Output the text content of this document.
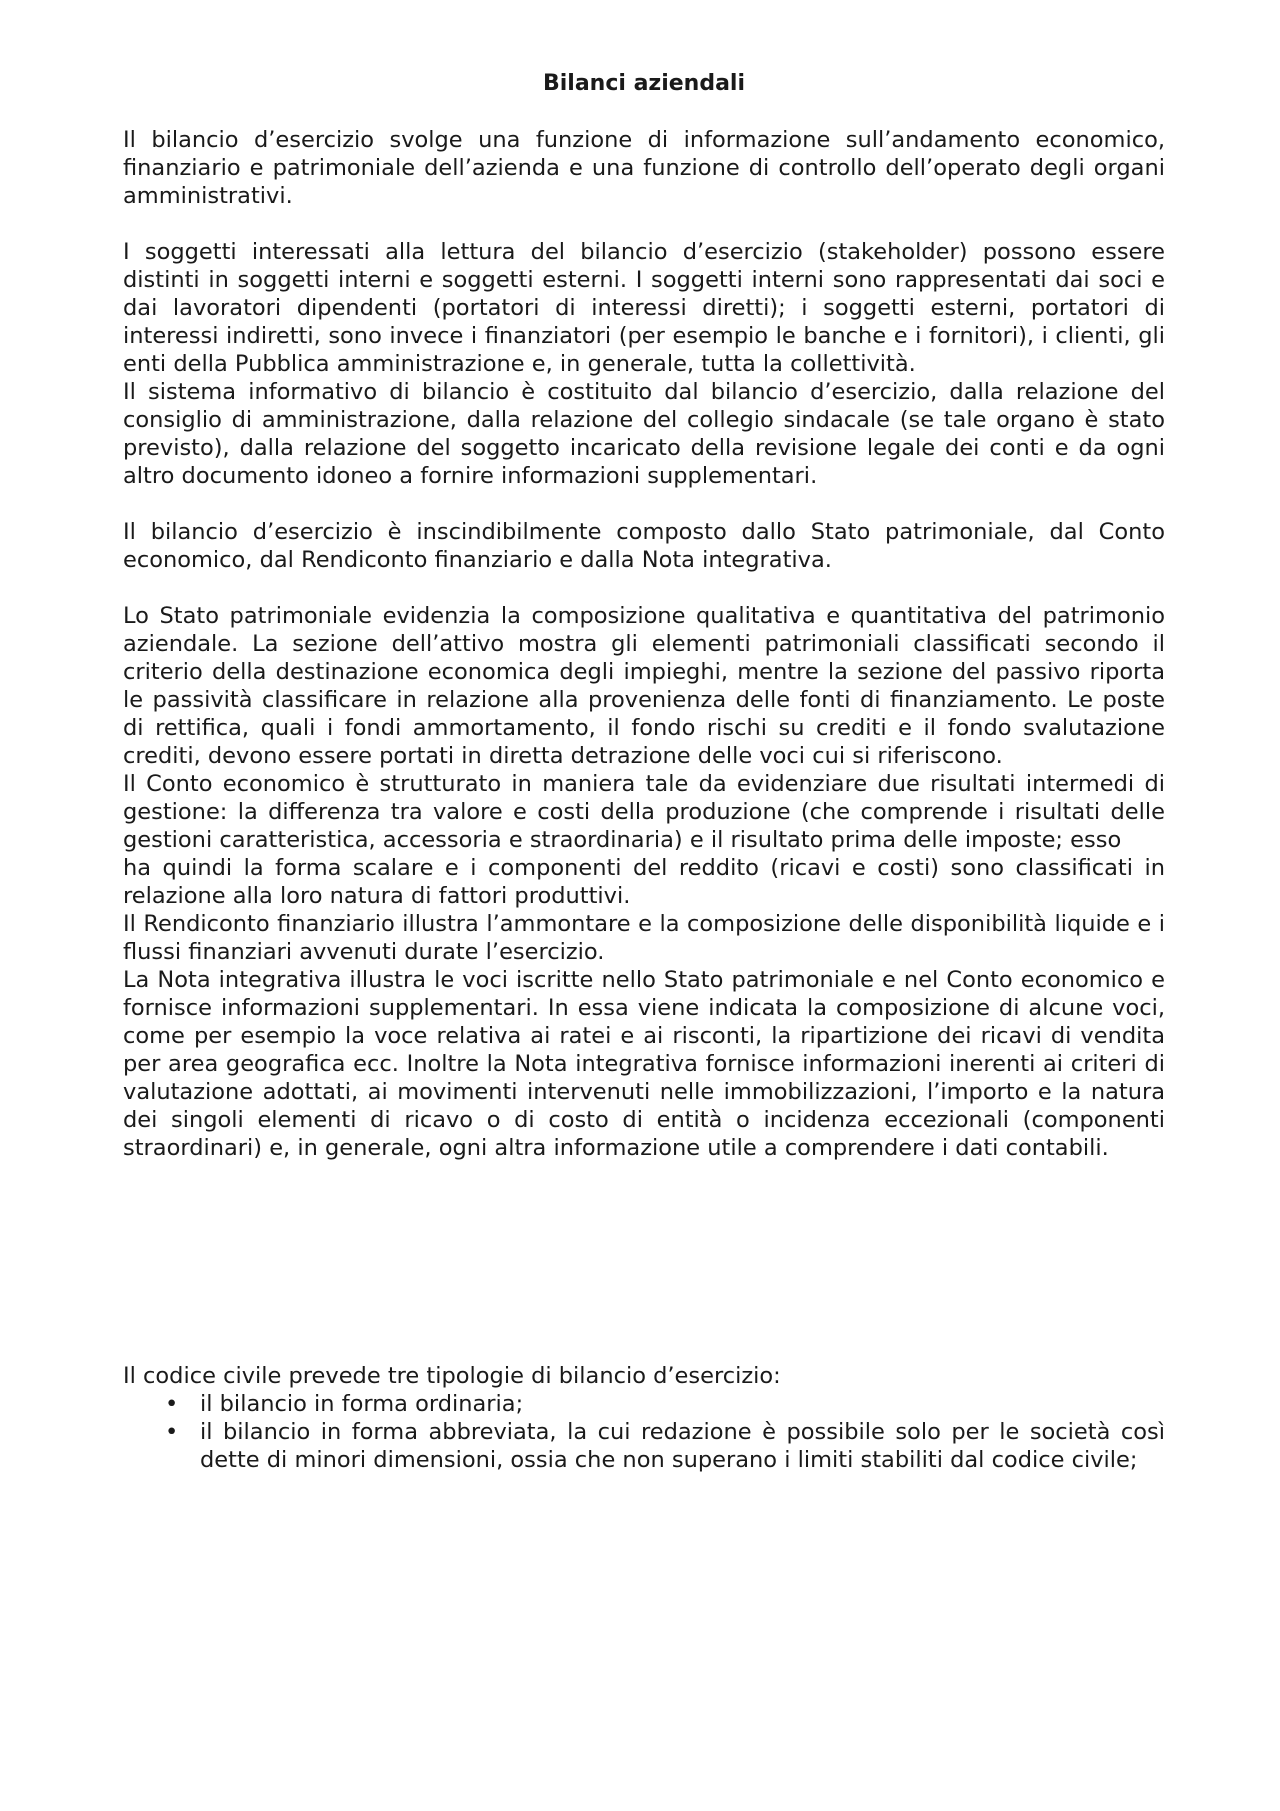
Bilanci aziendali

Il bilancio d’esercizio svolge una funzione di informazione sull’andamento economico, finanziario e patrimoniale dell’azienda e una funzione di controllo dell’operato degli organi amministrativi.

I soggetti interessati alla lettura del bilancio d’esercizio (stakeholder) possono essere distinti in soggetti interni e soggetti esterni. I soggetti interni sono rappresentati dai soci e dai lavoratori dipendenti (portatori di interessi diretti); i soggetti esterni, portatori di interessi indiretti, sono invece i finanziatori (per esempio le banche e i fornitori), i clienti, gli enti della Pubblica amministrazione e, in generale, tutta la collettività.

Il sistema informativo di bilancio è costituito dal bilancio d’esercizio, dalla relazione del consiglio di amministrazione, dalla relazione del collegio sindacale (se tale organo è stato previsto), dalla relazione del soggetto incaricato della revisione legale dei conti e da ogni altro documento idoneo a fornire informazioni supplementari.

Il bilancio d’esercizio è inscindibilmente composto dallo Stato patrimoniale, dal Conto economico, dal Rendiconto finanziario e dalla Nota integrativa.

Lo Stato patrimoniale evidenzia la composizione qualitativa e quantitativa del patrimonio aziendale. La sezione dell’attivo mostra gli elementi patrimoniali classificati secondo il criterio della destinazione economica degli impieghi, mentre la sezione del passivo riporta le passività classificare in relazione alla provenienza delle fonti di finanziamento. Le poste di rettifica, quali i fondi ammortamento, il fondo rischi su crediti e il fondo svalutazione crediti, devono essere portati in diretta detrazione delle voci cui si riferiscono.

Il Conto economico è strutturato in maniera tale da evidenziare due risultati intermedi di gestione: la differenza tra valore e costi della produzione (che comprende i risultati delle gestioni caratteristica, accessoria e straordinaria) e il risultato prima delle imposte; esso

ha quindi la forma scalare e i componenti del reddito (ricavi e costi) sono classificati in relazione alla loro natura di fattori produttivi.

Il Rendiconto finanziario illustra l’ammontare e la composizione delle disponibilità liquide e i flussi finanziari avvenuti durate l’esercizio.

La Nota integrativa illustra le voci iscritte nello Stato patrimoniale e nel Conto economico e fornisce informazioni supplementari. In essa viene indicata la composizione di alcune voci, come per esempio la voce relativa ai ratei e ai risconti, la ripartizione dei ricavi di vendita per area geografica ecc. Inoltre la Nota integrativa fornisce informazioni inerenti ai criteri di valutazione adottati, ai movimenti intervenuti nelle immobilizzazioni, l’importo e la natura dei singoli elementi di ricavo o di costo di entità o incidenza eccezionali (componenti straordinari) e, in generale, ogni altra informazione utile a comprendere i dati contabili.

Il codice civile prevede tre tipologie di bilancio d’esercizio:

• il bilancio in forma ordinaria;
• il bilancio in forma abbreviata, la cui redazione è possibile solo per le società così dette di minori dimensioni, ossia che non superano i limiti stabiliti dal codice civile;
